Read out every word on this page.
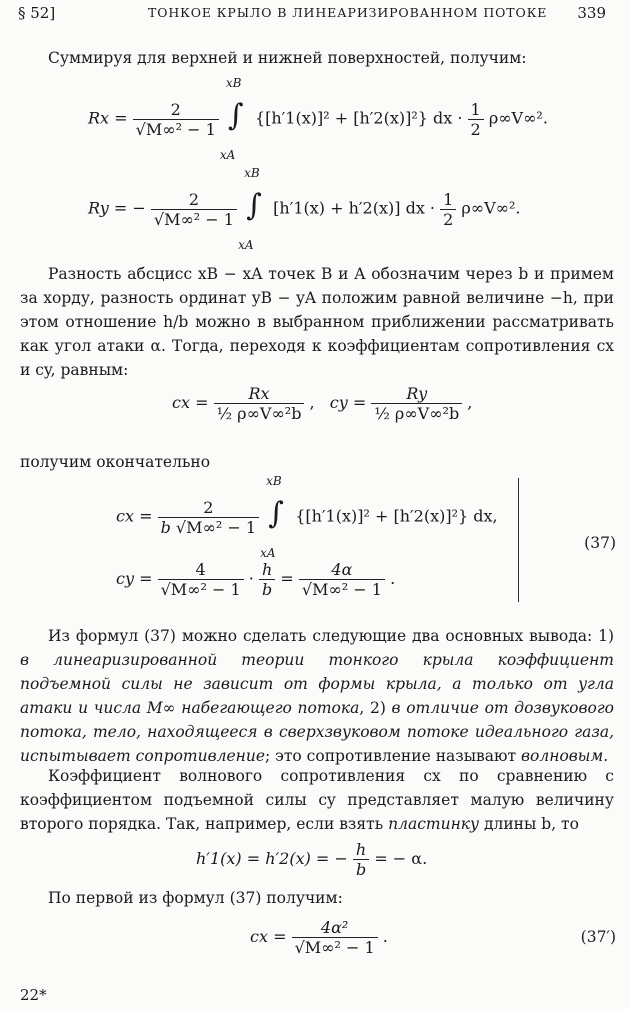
§ 52]	ТОНКОЕ КРЫЛО В ЛИНЕАРИЗИРОВАННОМ ПОТОКЕ 339
Суммируя для верхней и нижней поверхностей, получим:
$Rx = \frac{2}{\text{√M∞² − 1}}$

xB
∫
xA
{[h′1(x)]² + [h′2(x)]²} dx · $\frac{1}{2} \rho\infty V\infty^2$.
Ry = − $\frac{2}{\text{√M∞² − 1}}$

xB
∫
xA
[h′1(x) + h′2(x)] dx · $\frac{1}{2} \rho\infty V\infty^2$.
Разность абсцисс xB − xA точек B и A обозначим через b и примем за хорду, разность ординат yB − yA положим равной величине −h, при этом отношение h/b можно в выбранном приближении рассматривать как угол атаки α. Тогда, переходя к коэффициентам сопротивления cx и cy, равным:
cx = $\frac{Rx}{\text{½ ρ∞V∞²b}}$ , cy = $\frac{Ry}{\text{½ ρ∞V∞²b}}$ ,
получим окончательно
cx = $\frac{2}{\text{b √M∞² − 1}}$

xB
∫
xA
{[h′1(x)]² + [h′2(x)]²} dx,
cy = $\frac{4}{\text{√M∞² − 1}} \cdot \frac{h}{b} = \frac{4\alpha}{\text{√M∞² − 1}}$ .
(37)
Из формул (37) можно сделать следующие два основных вывода: 1) в линеаризированной теории тонкого крыла коэффициент подъемной силы не зависит от формы крыла, а только от угла атаки и числа M∞ набегающего потока, 2) в отличие от дозвукового потока, тело, находящееся в сверхзвуковом потоке идеального газа, испытывает сопротивление; это сопротивление называют волновым.
Коэффициент волнового сопротивления cx по сравнению с коэффициентом подъемной силы cy представляет малую величину второго порядка. Так, например, если взять пластинку длины b, то
h′1(x) = h′2(x) = − $\frac{h}{b}$ = − α.
По первой из формул (37) получим:
cx = $\frac{\text{4α²}}{\text{√M∞² − 1}}$ .	(37′)
22*
